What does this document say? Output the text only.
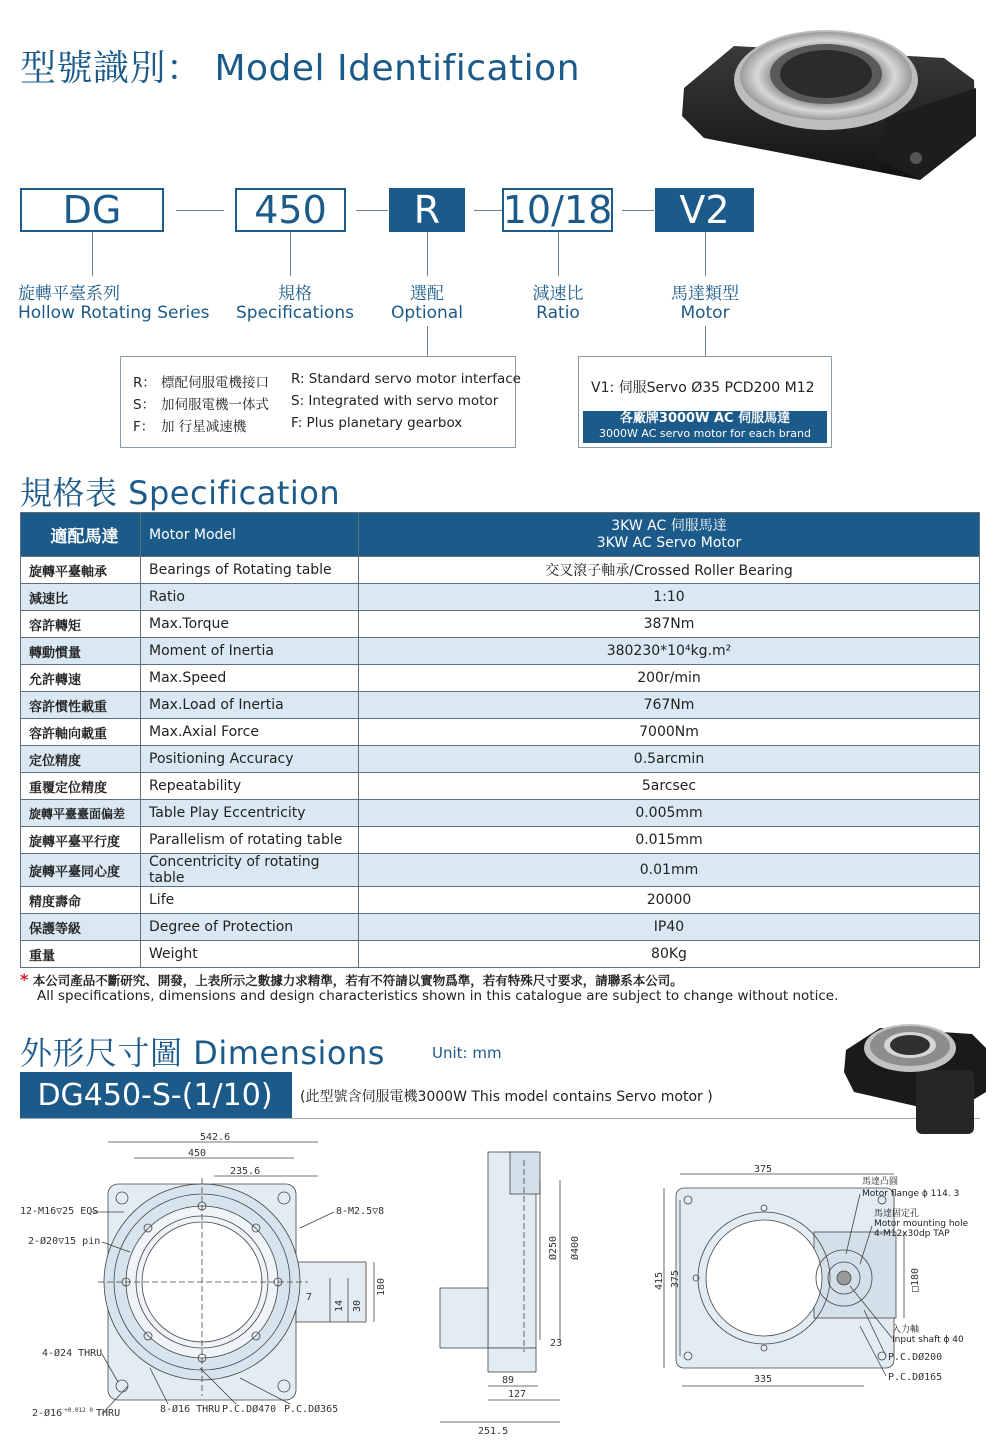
型號識別： Model Identification
DG	450 R 10/18 V2
旋轉平臺系列
Hollow Rotating Series
規格
Specifications
選配
Optional
減速比
Ratio
馬達類型
Motor
R： 標配伺服電機接口 R: Standard servo motor interface
S： 加伺服電機一体式 S: Integrated with servo motor
F： 加 行星减速機	F: Plus planetary gearbox
V1: 伺服Servo Ø35 PCD200 M12
各廠牌3000W AC 伺服馬達
3000W AC servo motor for each brand
規格表 Specification
適配馬達	Motor Model	3KW AC 伺服馬達
3KW AC Servo Motor

旋轉平臺軸承	Bearings of Rotating table	交叉滾子軸承/Crossed Roller Bearing
減速比	Ratio	1:10
容許轉矩	Max.Torque	387Nm
轉動慣量	Moment of Inertia	380230*10⁴kg.m²
允許轉速	Max.Speed	200r/min
容許慣性載重	Max.Load of Inertia	767Nm
容許軸向載重	Max.Axial Force	7000Nm
定位精度	Positioning Accuracy	0.5arcmin
重覆定位精度	Repeatability	5arcsec
旋轉平臺臺面偏差	Table Play Eccentricity	0.005mm
旋轉平臺平行度	Parallelism of rotating table	0.015mm
旋轉平臺同心度	Concentricity of rotating table	0.01mm
精度壽命	Life	20000
保護等級	Degree of Protection	IP40
重量	Weight	80Kg
* 本公司產品不斷研究、開發，上表所示之數據力求精準，若有不符請以實物爲準，若有特殊尺寸要求，請聯系本公司。
All specifications, dimensions and design characteristics shown in this catalogue are subject to change without notice.
外形尺寸圖 Dimensions	Unit: mm
DG450-S-(1/10)	(此型號含伺服電機3000W This model contains Servo motor )
542.6
450
235.6
12-M16▽25 EQS
2-Ø20▽15 pin
8-M2.5▽8
7
14 30
180
4-Ø24 THRU
2-Ø16 $^{+0.012 0}$ THRU	8-Ø16 THRU P.C.DØ470 P.C.DØ365
Ø250 Ø400
23
89
127
251.5
375
415 375
335
□180
馬達凸圓
Motor flange ϕ 114. 3
馬達固定孔
Motor mounting hole
4-M12x30dp TAP
入力軸
Input shaft ϕ 40
P.C.DØ200
P.C.DØ165
